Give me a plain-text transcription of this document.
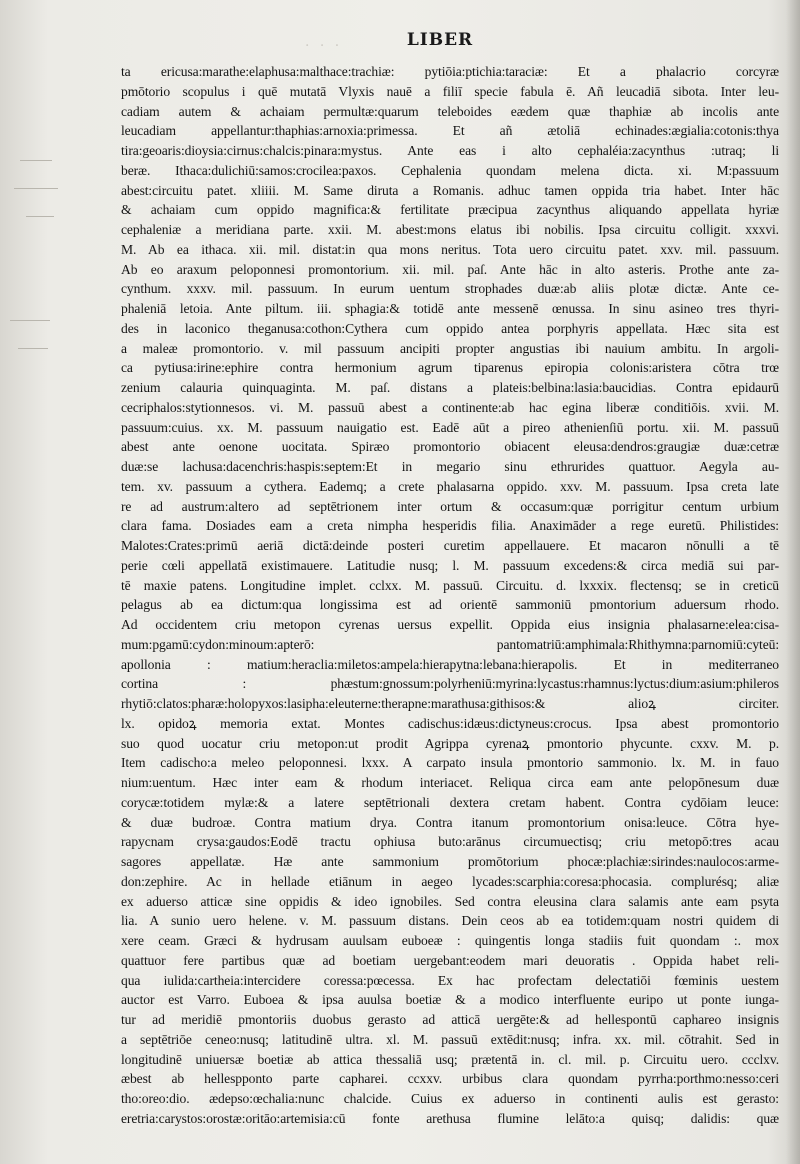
· · ·	LIBER
ta ericusa:marathe:elaphusa:malthace:trachiæ: pytiōia:ptichia:taraciæ: Et a phalacrio corcyræ
pmōtorio scopulus i quē mutatā Vlyxis nauē a filiī specie fabula ē. Añ leucadiā sibota. Inter leu-
cadiam autem & achaiam permultæ:quarum teleboides eædem quæ thaphiæ ab incolis ante
leucadiam appellantur:thaphias:arnoxia:primessa. Et añ ætoliā echinades:ægialia:cotonis:thya
tira:geoaris:dioysia:cirnus:chalcis:pinara:mystus. Ante eas i alto cephaléia:zacynthus :utraq; li
beræ. Ithaca:dulichiū:samos:crocilea:paxos. Cephalenia quondam melena dicta. xi. M:passuum
abest:circuitu patet. xliiii. M. Same diruta a Romanis. adhuc tamen oppida tria habet. Inter hāc
& achaiam cum oppido magnifica:& fertilitate præcipua zacynthus aliquando appellata hyriæ
cephaleniæ a meridiana parte. xxii. M. abest:mons elatus ibi nobilis. Ipsa circuitu colligit. xxxvi.
M. Ab ea ithaca. xii. mil. distat:in qua mons neritus. Tota uero circuitu patet. xxv. mil. passuum.
Ab eo araxum peloponnesi promontorium. xii. mil. paſ. Ante hāc in alto asteris. Prothe ante za-
cynthum. xxxv. mil. passuum. In eurum uentum strophades duæ:ab aliis plotæ dictæ. Ante ce-
phaleniā letoia. Ante piltum. iii. sphagia:& totidē ante messenē œnussa. In sinu asineo tres thyri-
des in laconico theganusa:cothon:Cythera cum oppido antea porphyris appellata. Hæc sita est
a maleæ promontorio. v. mil passuum ancipiti propter angustias ibi nauium ambitu. In argoli-
ca pytiusa:irine:ephire contra hermonium agrum tiparenus epiropia colonis:aristera cōtra trœ
zenium calauria quinquaginta. M. paſ. distans a plateis:belbina:lasia:baucidias. Contra epidaurū
cecriphalos:stytionnesos. vi. M. passuū abest a continente:ab hac egina liberæ conditiōis. xvii. M.
passuum:cuius. xx. M. passuum nauigatio est. Eadē aūt a pireo athenienſiū portu. xii. M. passuū
abest ante oenone uocitata. Spiræo promontorio obiacent eleusa:dendros:graugiæ duæ:cetræ
duæ:se lachusa:dacenchris:haspis:septem:Et in megario sinu ethrurides quattuor. Aegyla au-
tem. xv. passuum a cythera. Eademq; a crete phalasarna oppido. xxv. M. passuum. Ipsa creta late
re ad austrum:altero ad septētrionem inter ortum & occasum:quæ porrigitur centum urbium
clara fama. Dosiades eam a creta nimpha hesperidis filia. Anaximāder a rege euretū. Philistides:
Malotes:Crates:primū aeriā dictā:deinde posteri curetim appellauere. Et macaron nōnulli a tē
perie cœli appellatā existimauere. Latitudie nusq; l. M. passuum excedens:& circa mediā sui par-
tē maxie patens. Longitudine implet. cclxx. M. passuū. Circuitu. d. lxxxix. flectensq; se in creticū
pelagus ab ea dictum:qua longissima est ad orientē sammoniū pmontorium aduersum rhodo.
Ad occidentem criu metopon cyrenas uersus expellit. Oppida eius insignia phalasarne:elea:cisa-
mum:pgamū:cydon:minoum:apterō: pantomatriū:amphimala:Rhithymna:parnomiū:cyteū:
apollonia : matium:heraclia:miletos:ampela:hierapytna:lebana:hierapolis. Et in mediterraneo
cortina : phæstum:gnossum:polyrheniū:myrina:lycastus:rhamnus:lyctus:dium:asium:phileros
rhytiō:clatos:pharæ:holopyxos:lasipha:eleuterne:therapne:marathusa:githisos:& alioꝝ circiter.
lx. opidoꝝ memoria extat. Montes cadischus:idæus:dictyneus:crocus. Ipsa abest promontorio
suo quod uocatur criu metopon:ut prodit Agrippa cyrenaꝝ pmontorio phycunte. cxxv. M. p.
Item cadischo:a meleo peloponnesi. lxxx. A carpato insula pmontorio sammonio. lx. M. in fauo
nium:uentum. Hæc inter eam & rhodum interiacet. Reliqua circa eam ante pelopōnesum duæ
corycæ:totidem mylæ:& a latere septētrionali dextera cretam habent. Contra cydōiam leuce:
& duæ budroæ. Contra matium drya. Contra itanum promontorium onisa:leuce. Cōtra hye-
rapycnam crysa:gaudos:Eodē tractu ophiusa buto:arānus circumuectisq; criu metopō:tres acau
sagores appellatæ. Hæ ante sammonium promōtorium phocæ:plachiæ:sirindes:naulocos:arme-
don:zephire. Ac in hellade etiānum in aegeo lycades:scarphia:coresa:phocasia. complurésq; aliæ
ex aduerso atticæ sine oppidis & ideo ignobiles. Sed contra eleusina clara salamis ante eam psyta
lia. A sunio uero helene. v. M. passuum distans. Dein ceos ab ea totidem:quam nostri quidem di
xere ceam. Græci & hydrusam auulsam euboeæ : quingentis longa stadiis fuit quondam :. mox
quattuor fere partibus quæ ad boetiam uergebant:eodem mari deuoratis . Oppida habet reli-
qua iulida:cartheia:intercidere coressa:pœcessa. Ex hac profectam delectatiōi fœminis uestem
auctor est Varro. Euboea & ipsa auulsa boetiæ & a modico interfluente euripo ut ponte iunga-
tur ad meridiē pmontoriis duobus gerasto ad atticā uergēte:& ad hellespontū caphareo insignis
a septētriōe ceneo:nusq; latitudinē ultra. xl. M. passuū extēdit:nusq; infra. xx. mil. cōtrahit. Sed in
longitudinē uniuersæ boetiæ ab attica thessaliā usq; prætentā in. cl. mil. p. Circuitu uero. ccclxv.
æbest ab hellespponto parte capharei. ccxxv. urbibus clara quondam pyrrha:porthmo:nesso:ceri
tho:oreo:dio. ædepso:œchalia:nunc chalcide. Cuius ex aduerso in continenti aulis est gerasto:
eretria:carystos:orostæ:oritāo:artemisia:cū fonte arethusa flumine lelāto:a quisq; dalidis: quæ
